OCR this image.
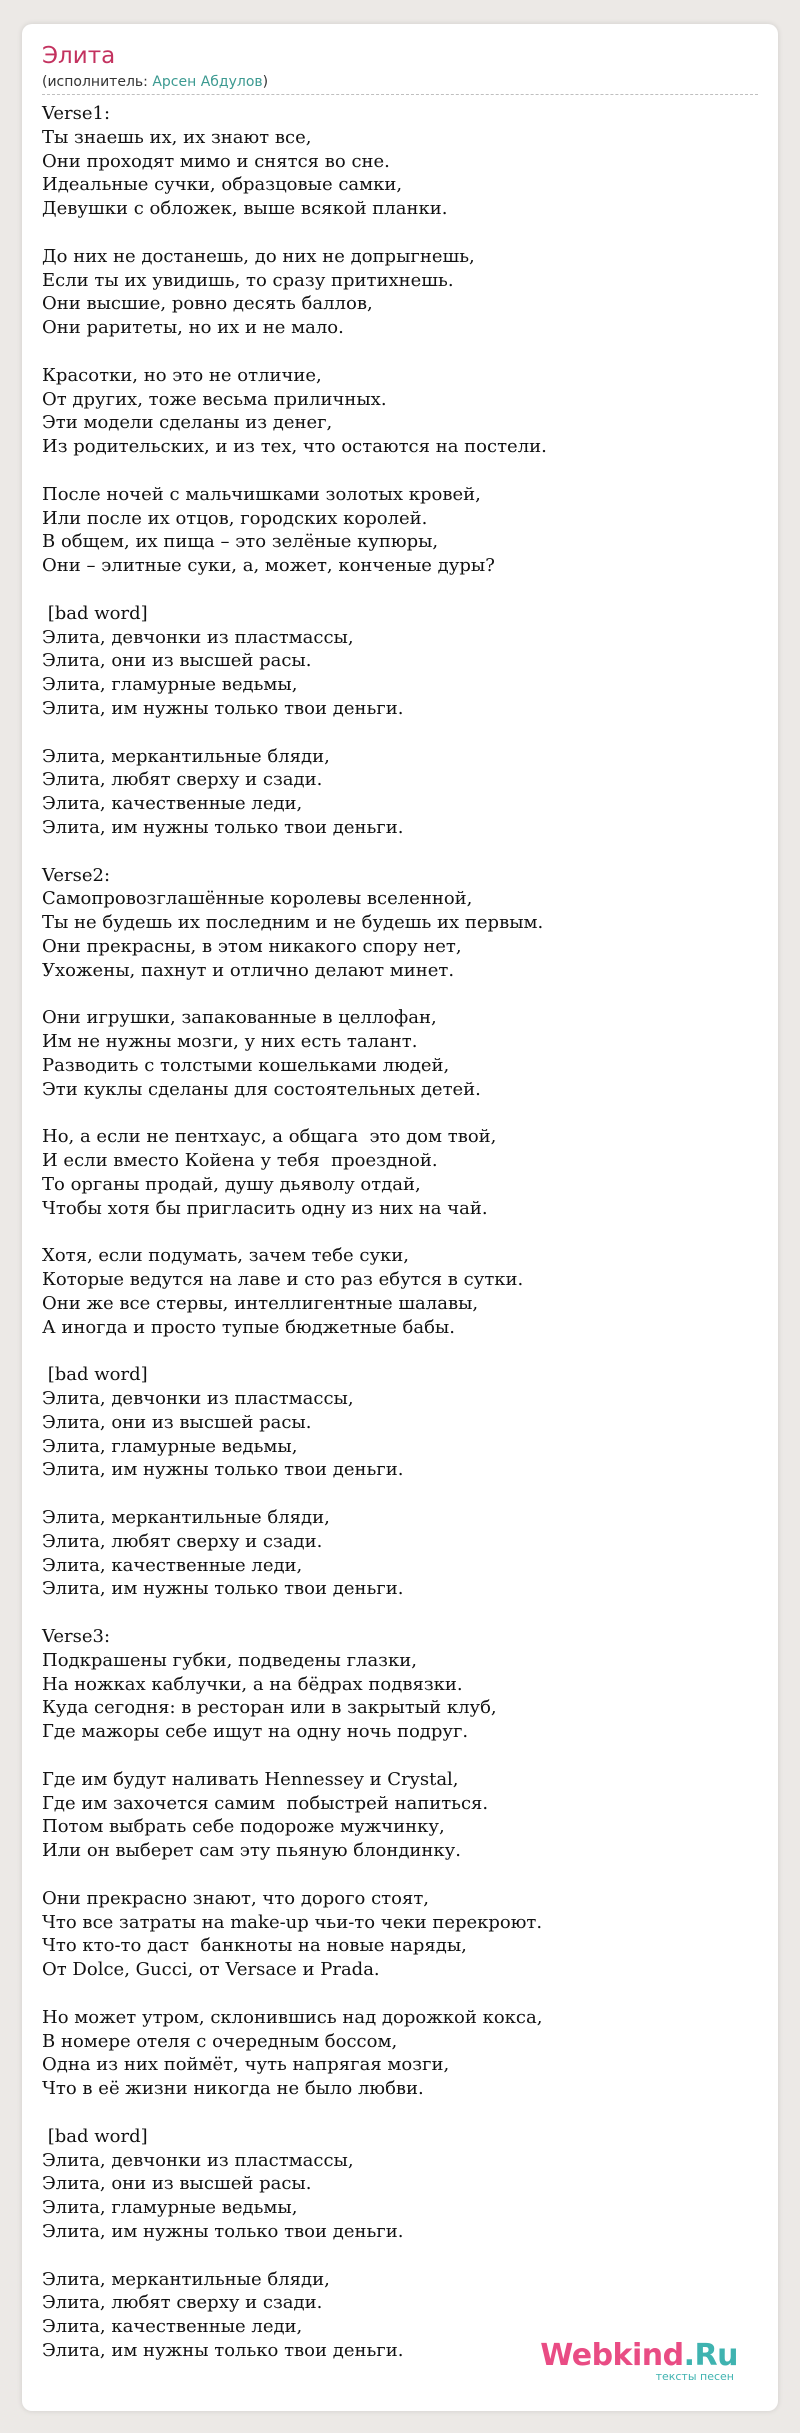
Элита
(исполнитель: Арсен Абдулов)
Verse1:
Ты знаешь их, их знают все,
Они проходят мимо и снятся во сне.
Идеальные сучки, образцовые самки,
Девушки с обложек, выше всякой планки.

До них не достанешь, до них не допрыгнешь,
Если ты их увидишь, то сразу притихнешь.
Они высшие, ровно десять баллов,
Они раритеты, но их и не мало.

Красотки, но это не отличие,
От других, тоже весьма приличных.
Эти модели сделаны из денег,
Из родительских, и из тех, что остаются на постели.

После ночей с мальчишками золотых кровей,
Или после их отцов, городских королей.
В общем, их пища – это зелёные купюры,
Они – элитные суки, а, может, конченые дуры?

[bad word]
Элита, девчонки из пластмассы,
Элита, они из высшей расы.
Элита, гламурные ведьмы,
Элита, им нужны только твои деньги.

Элита, меркантильные бляди,
Элита, любят сверху и сзади.
Элита, качественные леди,
Элита, им нужны только твои деньги.

Verse2:
Самопровозглашённые королевы вселенной,
Ты не будешь их последним и не будешь их первым.
Они прекрасны, в этом никакого спору нет,
Ухожены, пахнут и отлично делают минет.

Они игрушки, запакованные в целлофан,
Им не нужны мозги, у них есть талант.
Разводить с толстыми кошельками людей,
Эти куклы сделаны для состоятельных детей.

Но, а если не пентхаус, а общага  это дом твой,
И если вместо Койена у тебя  проездной.
То органы продай, душу дьяволу отдай,
Чтобы хотя бы пригласить одну из них на чай.

Хотя, если подумать, зачем тебе суки,
Которые ведутся на лаве и сто раз ебутся в сутки.
Они же все стервы, интеллигентные шалавы,
А иногда и просто тупые бюджетные бабы.

[bad word]
Элита, девчонки из пластмассы,
Элита, они из высшей расы.
Элита, гламурные ведьмы,
Элита, им нужны только твои деньги.

Элита, меркантильные бляди,
Элита, любят сверху и сзади.
Элита, качественные леди,
Элита, им нужны только твои деньги.

Verse3:
Подкрашены губки, подведены глазки,
На ножках каблучки, а на бёдрах подвязки.
Куда сегодня: в ресторан или в закрытый клуб,
Где мажоры себе ищут на одну ночь подруг.

Где им будут наливать Hennessey и Crystal,
Где им захочется самим  побыстрей напиться.
Потом выбрать себе подороже мужчинку,
Или он выберет сам эту пьяную блондинку.

Они прекрасно знают, что дорого стоят,
Что все затраты на make-up чьи-то чеки перекроют.
Что кто-то даст  банкноты на новые наряды,
От Dolce, Gucci, от Versace и Prada.

Но может утром, склонившись над дорожкой кокса,
В номере отеля с очередным боссом,
Одна из них поймёт, чуть напрягая мозги,
Что в её жизни никогда не было любви.

[bad word]
Элита, девчонки из пластмассы,
Элита, они из высшей расы.
Элита, гламурные ведьмы,
Элита, им нужны только твои деньги.

Элита, меркантильные бляди,
Элита, любят сверху и сзади.
Элита, качественные леди,
Элита, им нужны только твои деньги.	Webkind.Ru
тексты песен
